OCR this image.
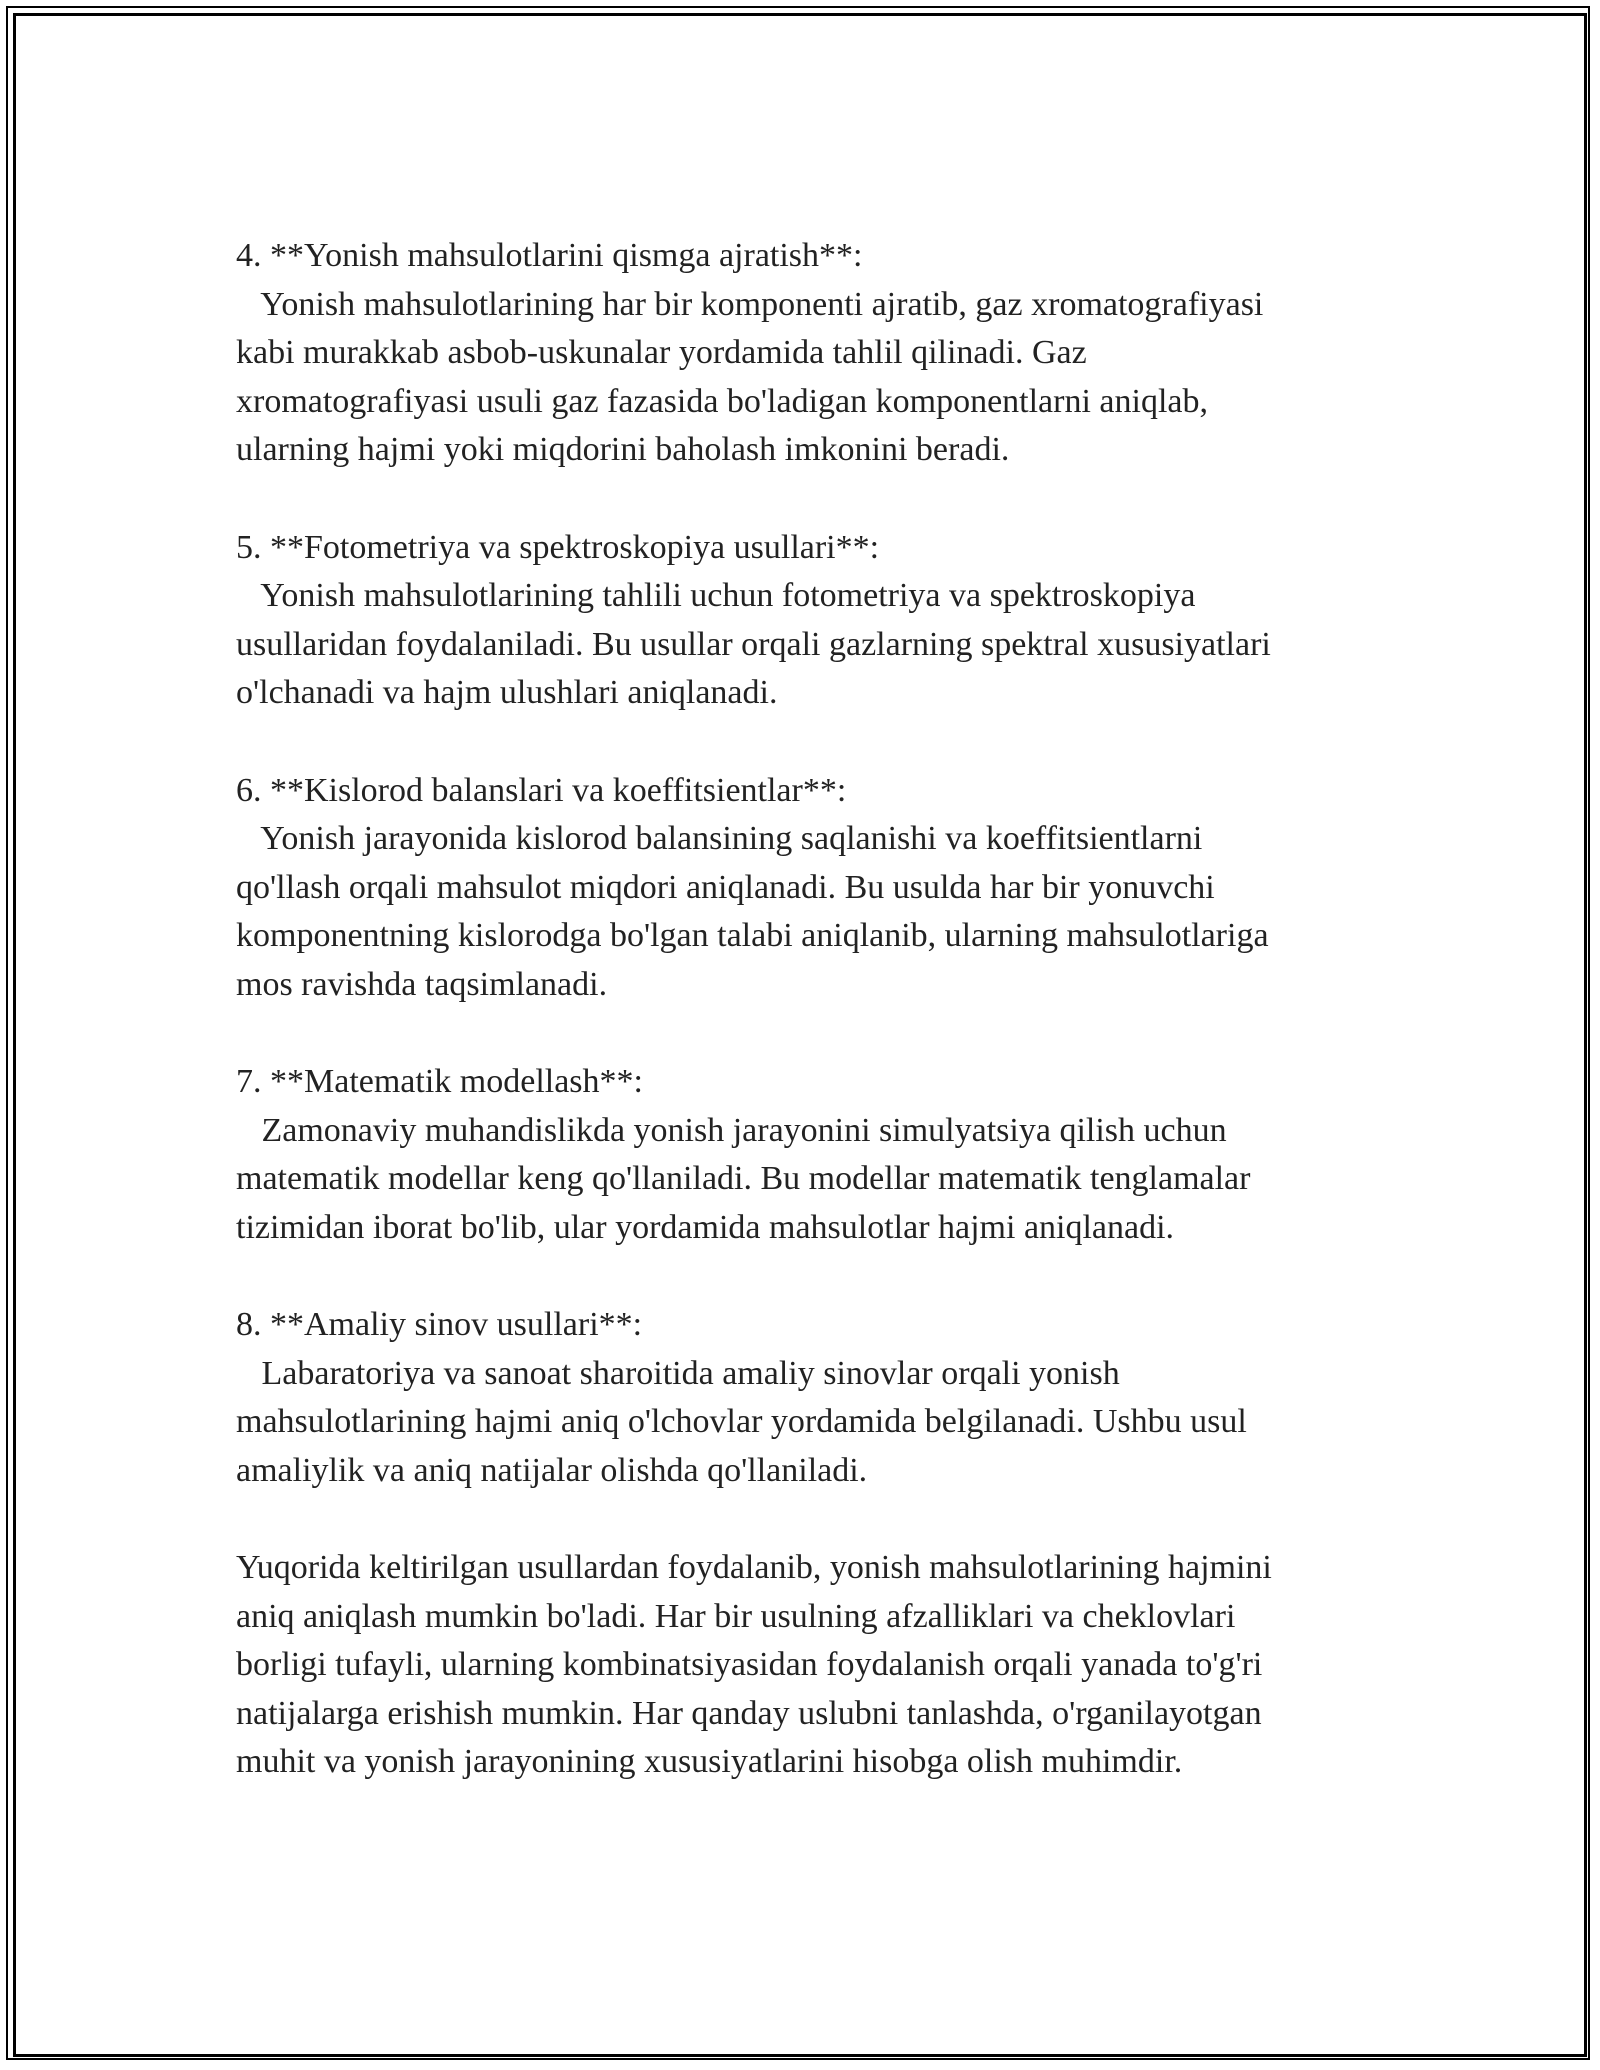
4. **Yonish mahsulotlarini qismga ajratish**:
Yonish mahsulotlarining har bir komponenti ajratib, gaz xromatografiyasi
kabi murakkab asbob-uskunalar yordamida tahlil qilinadi. Gaz
xromatografiyasi usuli gaz fazasida bo'ladigan komponentlarni aniqlab,
ularning hajmi yoki miqdorini baholash imkonini beradi.
5. **Fotometriya va spektroskopiya usullari**:
Yonish mahsulotlarining tahlili uchun fotometriya va spektroskopiya
usullaridan foydalaniladi. Bu usullar orqali gazlarning spektral xususiyatlari
o'lchanadi va hajm ulushlari aniqlanadi.
6. **Kislorod balanslari va koeffitsientlar**:
Yonish jarayonida kislorod balansining saqlanishi va koeffitsientlarni
qo'llash orqali mahsulot miqdori aniqlanadi. Bu usulda har bir yonuvchi
komponentning kislorodga bo'lgan talabi aniqlanib, ularning mahsulotlariga
mos ravishda taqsimlanadi.
7. **Matematik modellash**:
Zamonaviy muhandislikda yonish jarayonini simulyatsiya qilish uchun
matematik modellar keng qo'llaniladi. Bu modellar matematik tenglamalar
tizimidan iborat bo'lib, ular yordamida mahsulotlar hajmi aniqlanadi.
8. **Amaliy sinov usullari**:
Labaratoriya va sanoat sharoitida amaliy sinovlar orqali yonish
mahsulotlarining hajmi aniq o'lchovlar yordamida belgilanadi. Ushbu usul
amaliylik va aniq natijalar olishda qo'llaniladi.
Yuqorida keltirilgan usullardan foydalanib, yonish mahsulotlarining hajmini
aniq aniqlash mumkin bo'ladi. Har bir usulning afzalliklari va cheklovlari
borligi tufayli, ularning kombinatsiyasidan foydalanish orqali yanada to'g'ri
natijalarga erishish mumkin. Har qanday uslubni tanlashda, o'rganilayotgan
muhit va yonish jarayonining xususiyatlarini hisobga olish muhimdir.
